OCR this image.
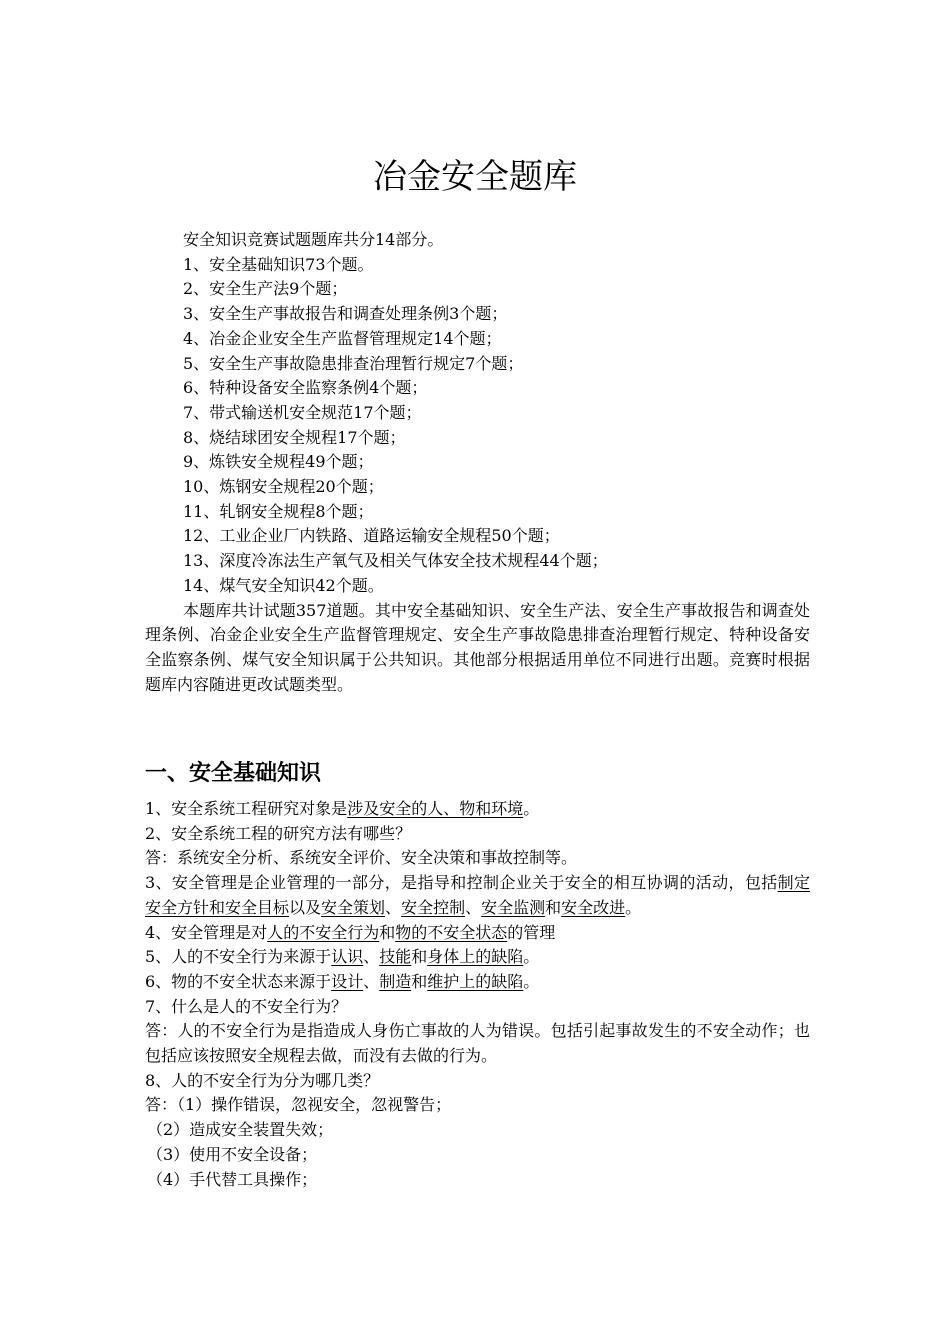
冶金安全题库
安全知识竞赛试题题库共分14部分。
1、安全基础知识73个题。
2、安全生产法9个题；
3、安全生产事故报告和调查处理条例3个题；
4、冶金企业安全生产监督管理规定14个题；
5、安全生产事故隐患排查治理暂行规定7个题；
6、特种设备安全监察条例4个题；
7、带式输送机安全规范17个题；
8、烧结球团安全规程17个题；
9、炼铁安全规程49个题；
10、炼钢安全规程20个题；
11、轧钢安全规程8个题；
12、工业企业厂内铁路、道路运输安全规程50个题；
13、深度冷冻法生产氧气及相关气体安全技术规程44个题；
14、煤气安全知识42个题。
本题库共计试题357道题。其中安全基础知识、安全生产法、安全生产事故报告和调查处理条例、冶金企业安全生产监督管理规定、安全生产事故隐患排查治理暂行规定、特种设备安全监察条例、煤气安全知识属于公共知识。其他部分根据适用单位不同进行出题。竞赛时根据题库内容随进更改试题类型。
一、安全基础知识
1、安全系统工程研究对象是涉及安全的人、物和环境。
2、安全系统工程的研究方法有哪些？
答：系统安全分析、系统安全评价、安全决策和事故控制等。
3、安全管理是企业管理的一部分，是指导和控制企业关于安全的相互协调的活动，包括制定安全方针和安全目标以及安全策划、安全控制、安全监测和安全改进。
4、安全管理是对人的不安全行为和物的不安全状态的管理
5、人的不安全行为来源于认识、技能和身体上的缺陷。
6、物的不安全状态来源于设计、制造和维护上的缺陷。
7、什么是人的不安全行为？
答：人的不安全行为是指造成人身伤亡事故的人为错误。包括引起事故发生的不安全动作；也包括应该按照安全规程去做，而没有去做的行为。
8、人的不安全行为分为哪几类？
答：（1）操作错误，忽视安全，忽视警告；
（2）造成安全装置失效；
（3）使用不安全设备；
（4）手代替工具操作；
